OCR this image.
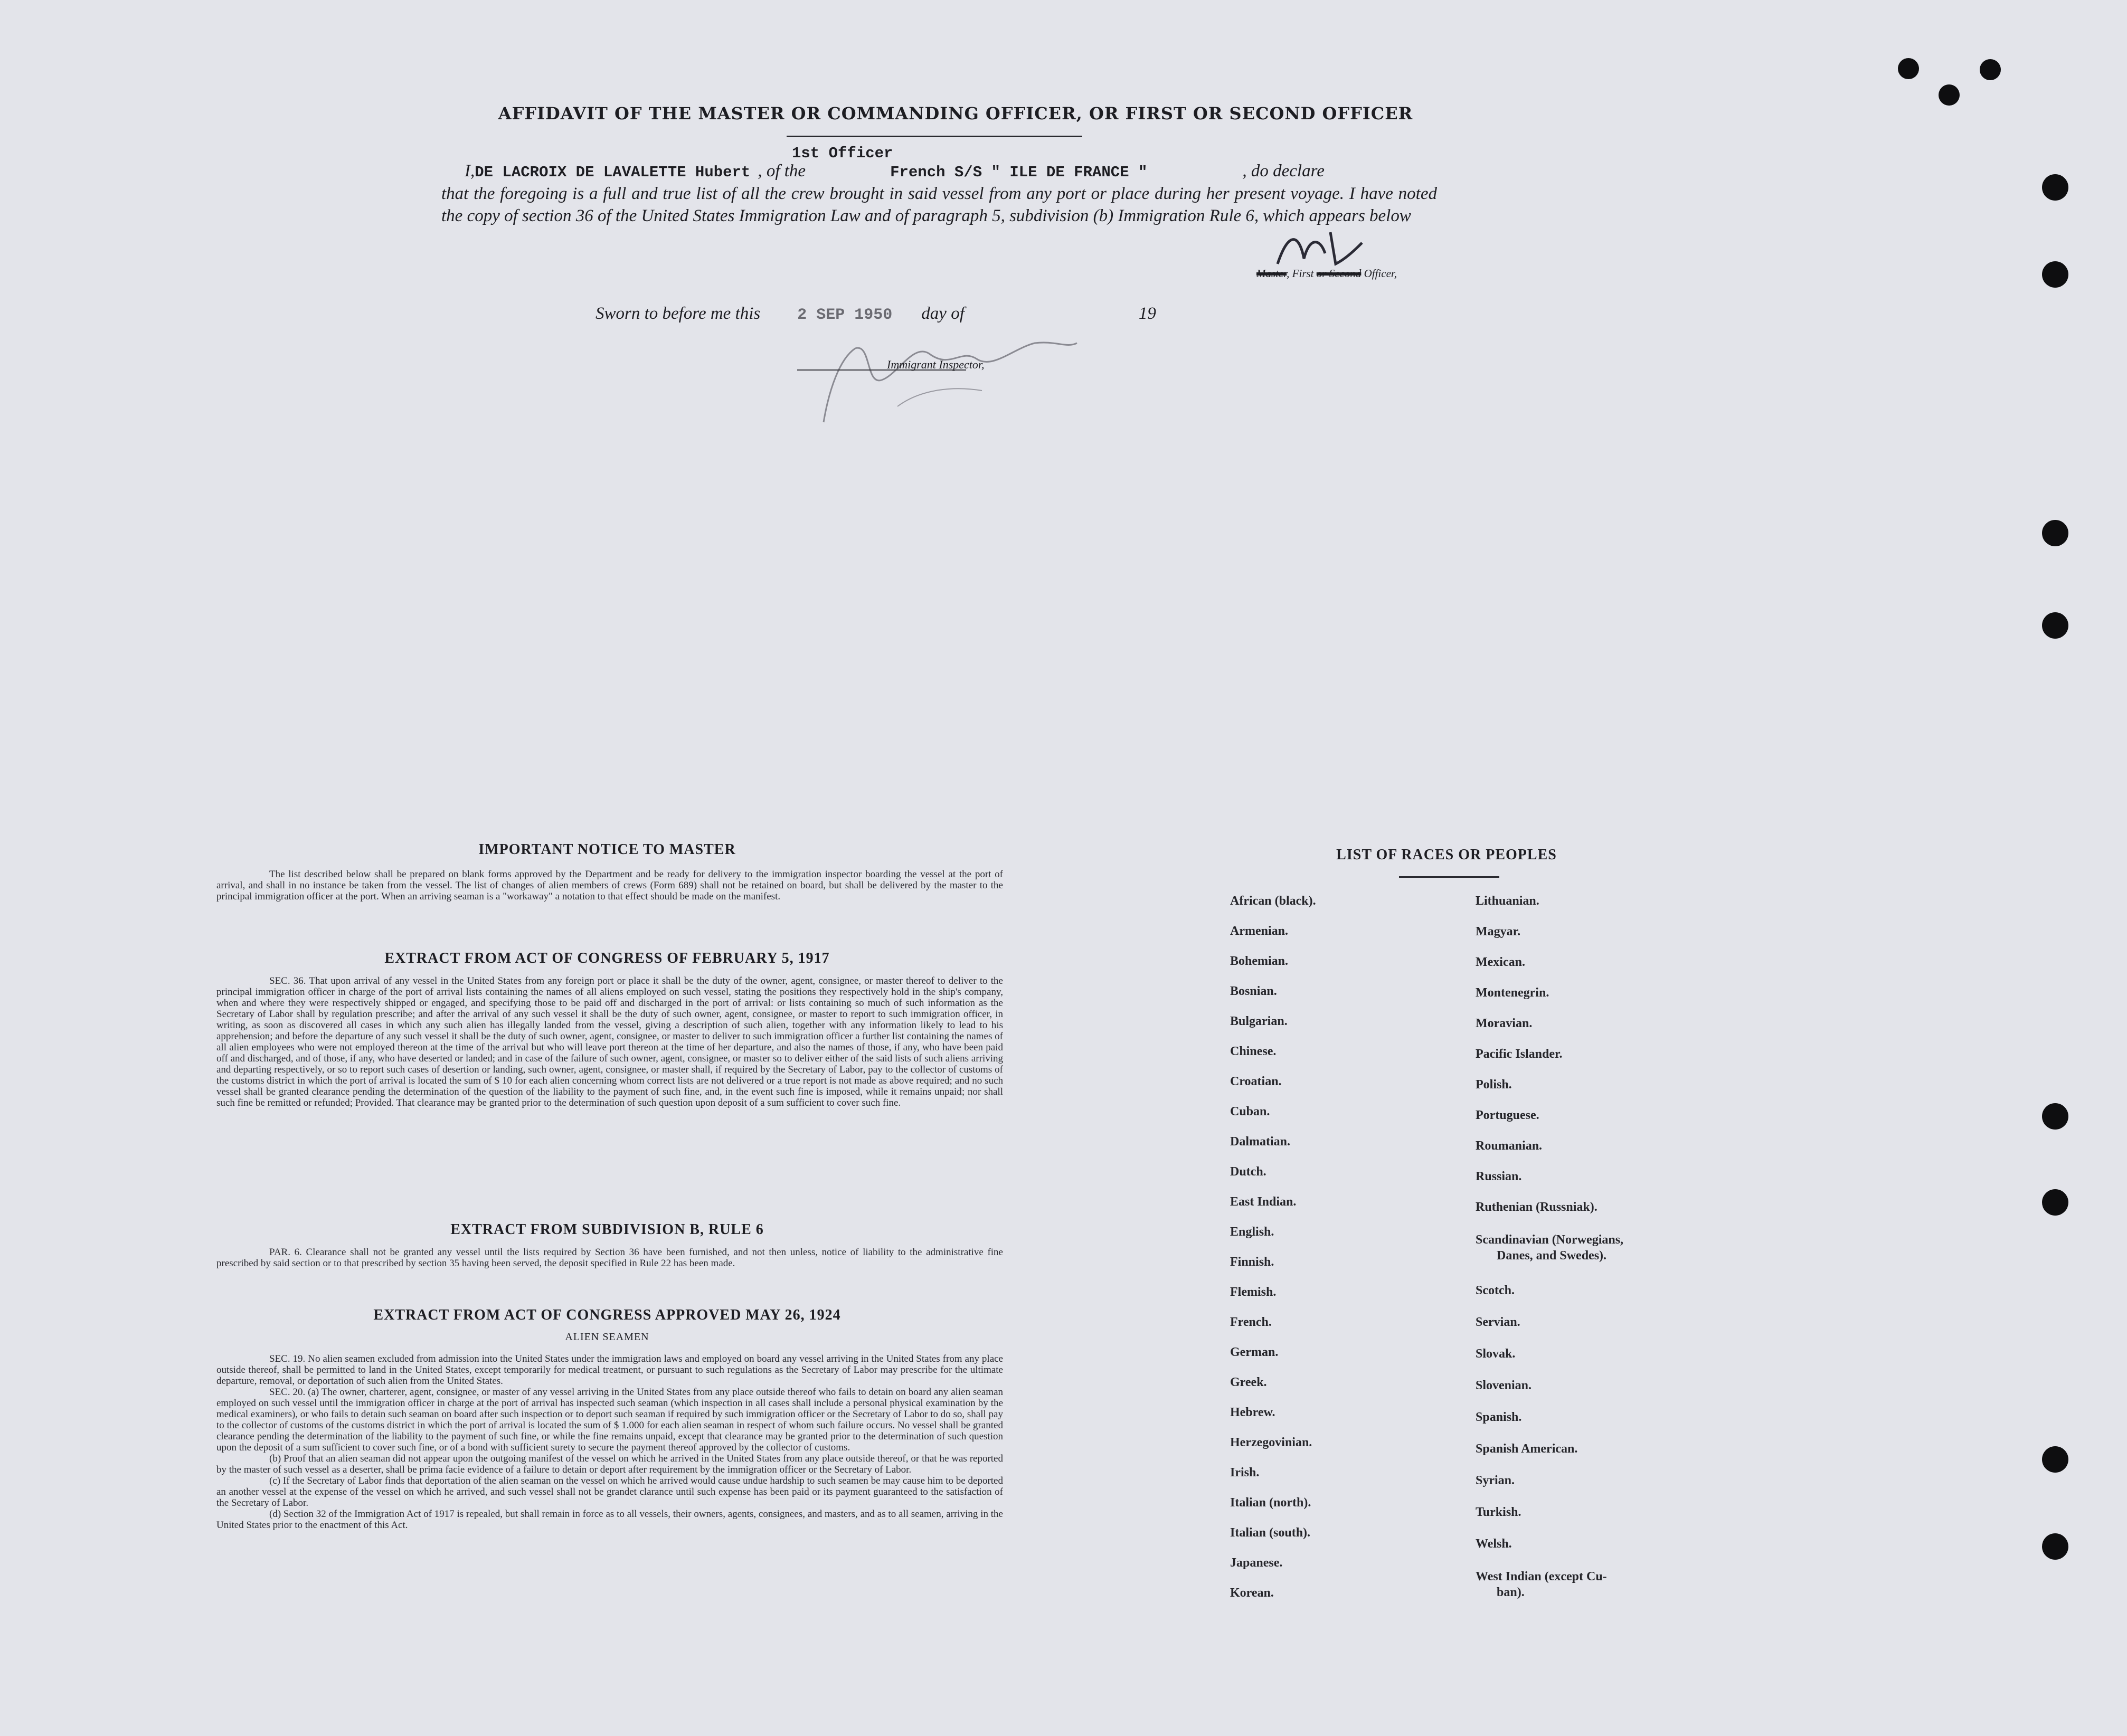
AFFIDAVIT OF THE MASTER OR COMMANDING OFFICER, OR FIRST OR SECOND OFFICER
1st Officer
I,DE LACROIX DE LAVALETTE Hubert , of the	French S/S " ILE DE FRANCE "	, do declare
that the foregoing is a full and true list of all the crew brought in said vessel from any port or place during her present voyage. I have noted the copy of section 36 of the United States Immigration Law and of paragraph 5, subdivision (b) Immigration Rule 6, which appears below
Master, First or Second Officer,
Sworn to before me this 2 SEP 1950 day of	19
Immigrant Inspector,
IMPORTANT NOTICE TO MASTER
The list described below shall be prepared on blank forms approved by the Department and be ready for delivery to the immigration inspector boarding the vessel at the port of arrival, and shall in no instance be taken from the vessel. The list of changes of alien members of crews (Form 689) shall not be retained on board, but shall be delivered by the master to the principal immigration officer at the port. When an arriving seaman is a "workaway" a notation to that effect should be made on the manifest.
EXTRACT FROM ACT OF CONGRESS OF FEBRUARY 5, 1917
SEC. 36. That upon arrival of any vessel in the United States from any foreign port or place it shall be the duty of the owner, agent, consignee, or master thereof to deliver to the principal immigration officer in charge of the port of arrival lists containing the names of all aliens employed on such vessel, stating the positions they respectively hold in the ship's company, when and where they were respectively shipped or engaged, and specifying those to be paid off and discharged in the port of arrival: or lists containing so much of such information as the Secretary of Labor shall by regulation prescribe; and after the arrival of any such vessel it shall be the duty of such owner, agent, consignee, or master to report to such immigration officer, in writing, as soon as discovered all cases in which any such alien has illegally landed from the vessel, giving a description of such alien, together with any information likely to lead to his apprehension; and before the departure of any such vessel it shall be the duty of such owner, agent, consignee, or master to deliver to such immigration officer a further list containing the names of all alien employees who were not employed thereon at the time of the arrival but who will leave port thereon at the time of her departure, and also the names of those, if any, who have been paid off and discharged, and of those, if any, who have deserted or landed; and in case of the failure of such owner, agent, consignee, or master so to deliver either of the said lists of such aliens arriving and departing respectively, or so to report such cases of desertion or landing, such owner, agent, consignee, or master shall, if required by the Secretary of Labor, pay to the collector of customs of the customs district in which the port of arrival is located the sum of $ 10 for each alien concerning whom correct lists are not delivered or a true report is not made as above required; and no such vessel shall be granted clearance pending the determination of the question of the liability to the payment of such fine, and, in the event such fine is imposed, while it remains unpaid; nor shall such fine be remitted or refunded; Provided. That clearance may be granted prior to the determination of such question upon deposit of a sum sufficient to cover such fine.
EXTRACT FROM SUBDIVISION B, RULE 6
PAR. 6. Clearance shall not be granted any vessel until the lists required by Section 36 have been furnished, and not then unless, notice of liability to the administrative fine prescribed by said section or to that prescribed by section 35 having been served, the deposit specified in Rule 22 has been made.
EXTRACT FROM ACT OF CONGRESS APPROVED MAY 26, 1924
ALIEN SEAMEN
SEC. 19. No alien seamen excluded from admission into the United States under the immigration laws and employed on board any vessel arriving in the United States from any place outside thereof, shall be permitted to land in the United States, except temporarily for medical treatment, or pursuant to such regulations as the Secretary of Labor may prescribe for the ultimate departure, removal, or deportation of such alien from the United States.
SEC. 20. (a) The owner, charterer, agent, consignee, or master of any vessel arriving in the United States from any place outside thereof who fails to detain on board any alien seaman employed on such vessel until the immigration officer in charge at the port of arrival has inspected such seaman (which inspection in all cases shall include a personal physical examination by the medical examiners), or who fails to detain such seaman on board after such inspection or to deport such seaman if required by such immigration officer or the Secretary of Labor to do so, shall pay to the collector of customs of the customs district in which the port of arrival is located the sum of $ 1.000 for each alien seaman in respect of whom such failure occurs. No vessel shall be granted clearance pending the determination of the liability to the payment of such fine, or while the fine remains unpaid, except that clearance may be granted prior to the determination of such question upon the deposit of a sum sufficient to cover such fine, or of a bond with sufficient surety to secure the payment thereof approved by the collector of customs.
(b) Proof that an alien seaman did not appear upon the outgoing manifest of the vessel on which he arrived in the United States from any place outside thereof, or that he was reported by the master of such vessel as a deserter, shall be prima facie evidence of a failure to detain or deport after requirement by the immigration officer or the Secretary of Labor.
(c) If the Secretary of Labor finds that deportation of the alien seaman on the vessel on which he arrived would cause undue hardship to such seamen be may cause him to be deported an another vessel at the expense of the vessel on which he arrived, and such vessel shall not be grandet clarance until such expense has been paid or its payment guaranteed to the satisfaction of the Secretary of Labor.
(d) Section 32 of the Immigration Act of 1917 is repealed, but shall remain in force as to all vessels, their owners, agents, consignees, and masters, and as to all seamen, arriving in the United States prior to the enactment of this Act.
LIST OF RACES OR PEOPLES
African (black).
Armenian.
Bohemian.
Bosnian.
Bulgarian.
Chinese.
Croatian.
Cuban.
Dalmatian.
Dutch.
East Indian.
English.
Finnish.
Flemish.
French.
German.
Greek.
Hebrew.
Herzegovinian.
Irish.
Italian (north).
Italian (south).
Japanese.
Korean.
Lithuanian.
Magyar.
Mexican.
Montenegrin.
Moravian.
Pacific Islander.
Polish.
Portuguese.
Roumanian.
Russian.
Ruthenian (Russniak).
Scandinavian (Norwegians,
Danes, and Swedes).
Scotch.
Servian.
Slovak.
Slovenian.
Spanish.
Spanish American.
Syrian.
Turkish.
Welsh.
West Indian (except Cu-
ban).
